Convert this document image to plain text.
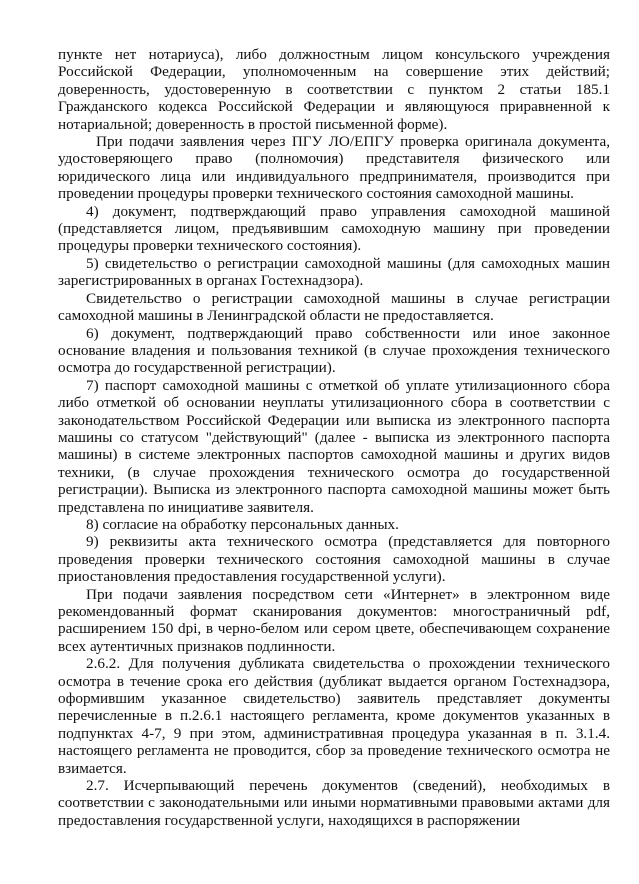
пункте нет нотариуса), либо должностным лицом консульского учреждения Российской Федерации, уполномоченным на совершение этих действий; доверенность, удостоверенную в соответствии с пунктом 2 статьи 185.1 Гражданского кодекса Российской Федерации и являющуюся приравненной к нотариальной; доверенность в простой письменной форме).

При подачи заявления через ПГУ ЛО/ЕПГУ проверка оригинала документа, удостоверяющего право (полномочия) представителя физического или юридического лица или индивидуального предпринимателя, производится при проведении процедуры проверки технического состояния самоходной машины.

4) документ, подтверждающий право управления самоходной машиной (представляется лицом, предъявившим самоходную машину при проведении процедуры проверки технического состояния).

5) свидетельство о регистрации самоходной машины (для самоходных машин зарегистрированных в органах Гостехнадзора).

Свидетельство о регистрации самоходной машины в случае регистрации самоходной машины в Ленинградской области не предоставляется.

6) документ, подтверждающий право собственности или иное законное основание владения и пользования техникой (в случае прохождения технического осмотра до государственной регистрации).

7) паспорт самоходной машины с отметкой об уплате утилизационного сбора либо отметкой об основании неуплаты утилизационного сбора в соответствии с законодательством Российской Федерации или выписка из электронного паспорта машины со статусом "действующий" (далее - выписка из электронного паспорта машины) в системе электронных паспортов самоходной машины и других видов техники, (в случае прохождения технического осмотра до государственной регистрации). Выписка из электронного паспорта самоходной машины может быть представлена по инициативе заявителя.

8) согласие на обработку персональных данных.

9) реквизиты акта технического осмотра (представляется для повторного проведения проверки технического состояния самоходной машины в случае приостановления предоставления государственной услуги).

При подачи заявления посредством сети «Интернет» в электронном виде рекомендованный формат сканирования документов: многостраничный pdf, расширением 150 dpi, в черно-белом или сером цвете, обеспечивающем сохранение всех аутентичных признаков подлинности.

2.6.2. Для получения дубликата свидетельства о прохождении технического осмотра в течение срока его действия (дубликат выдается органом Гостехнадзора, оформившим указанное свидетельство) заявитель представляет документы перечисленные в п.2.6.1 настоящего регламента, кроме документов указанных в подпунктах 4-7, 9 при этом, административная процедура указанная в п. 3.1.4. настоящего регламента не проводится, сбор за проведение технического осмотра не взимается.

2.7. Исчерпывающий перечень документов (сведений), необходимых в соответствии с законодательными или иными нормативными правовыми актами для предоставления государственной услуги, находящихся в распоряжении
